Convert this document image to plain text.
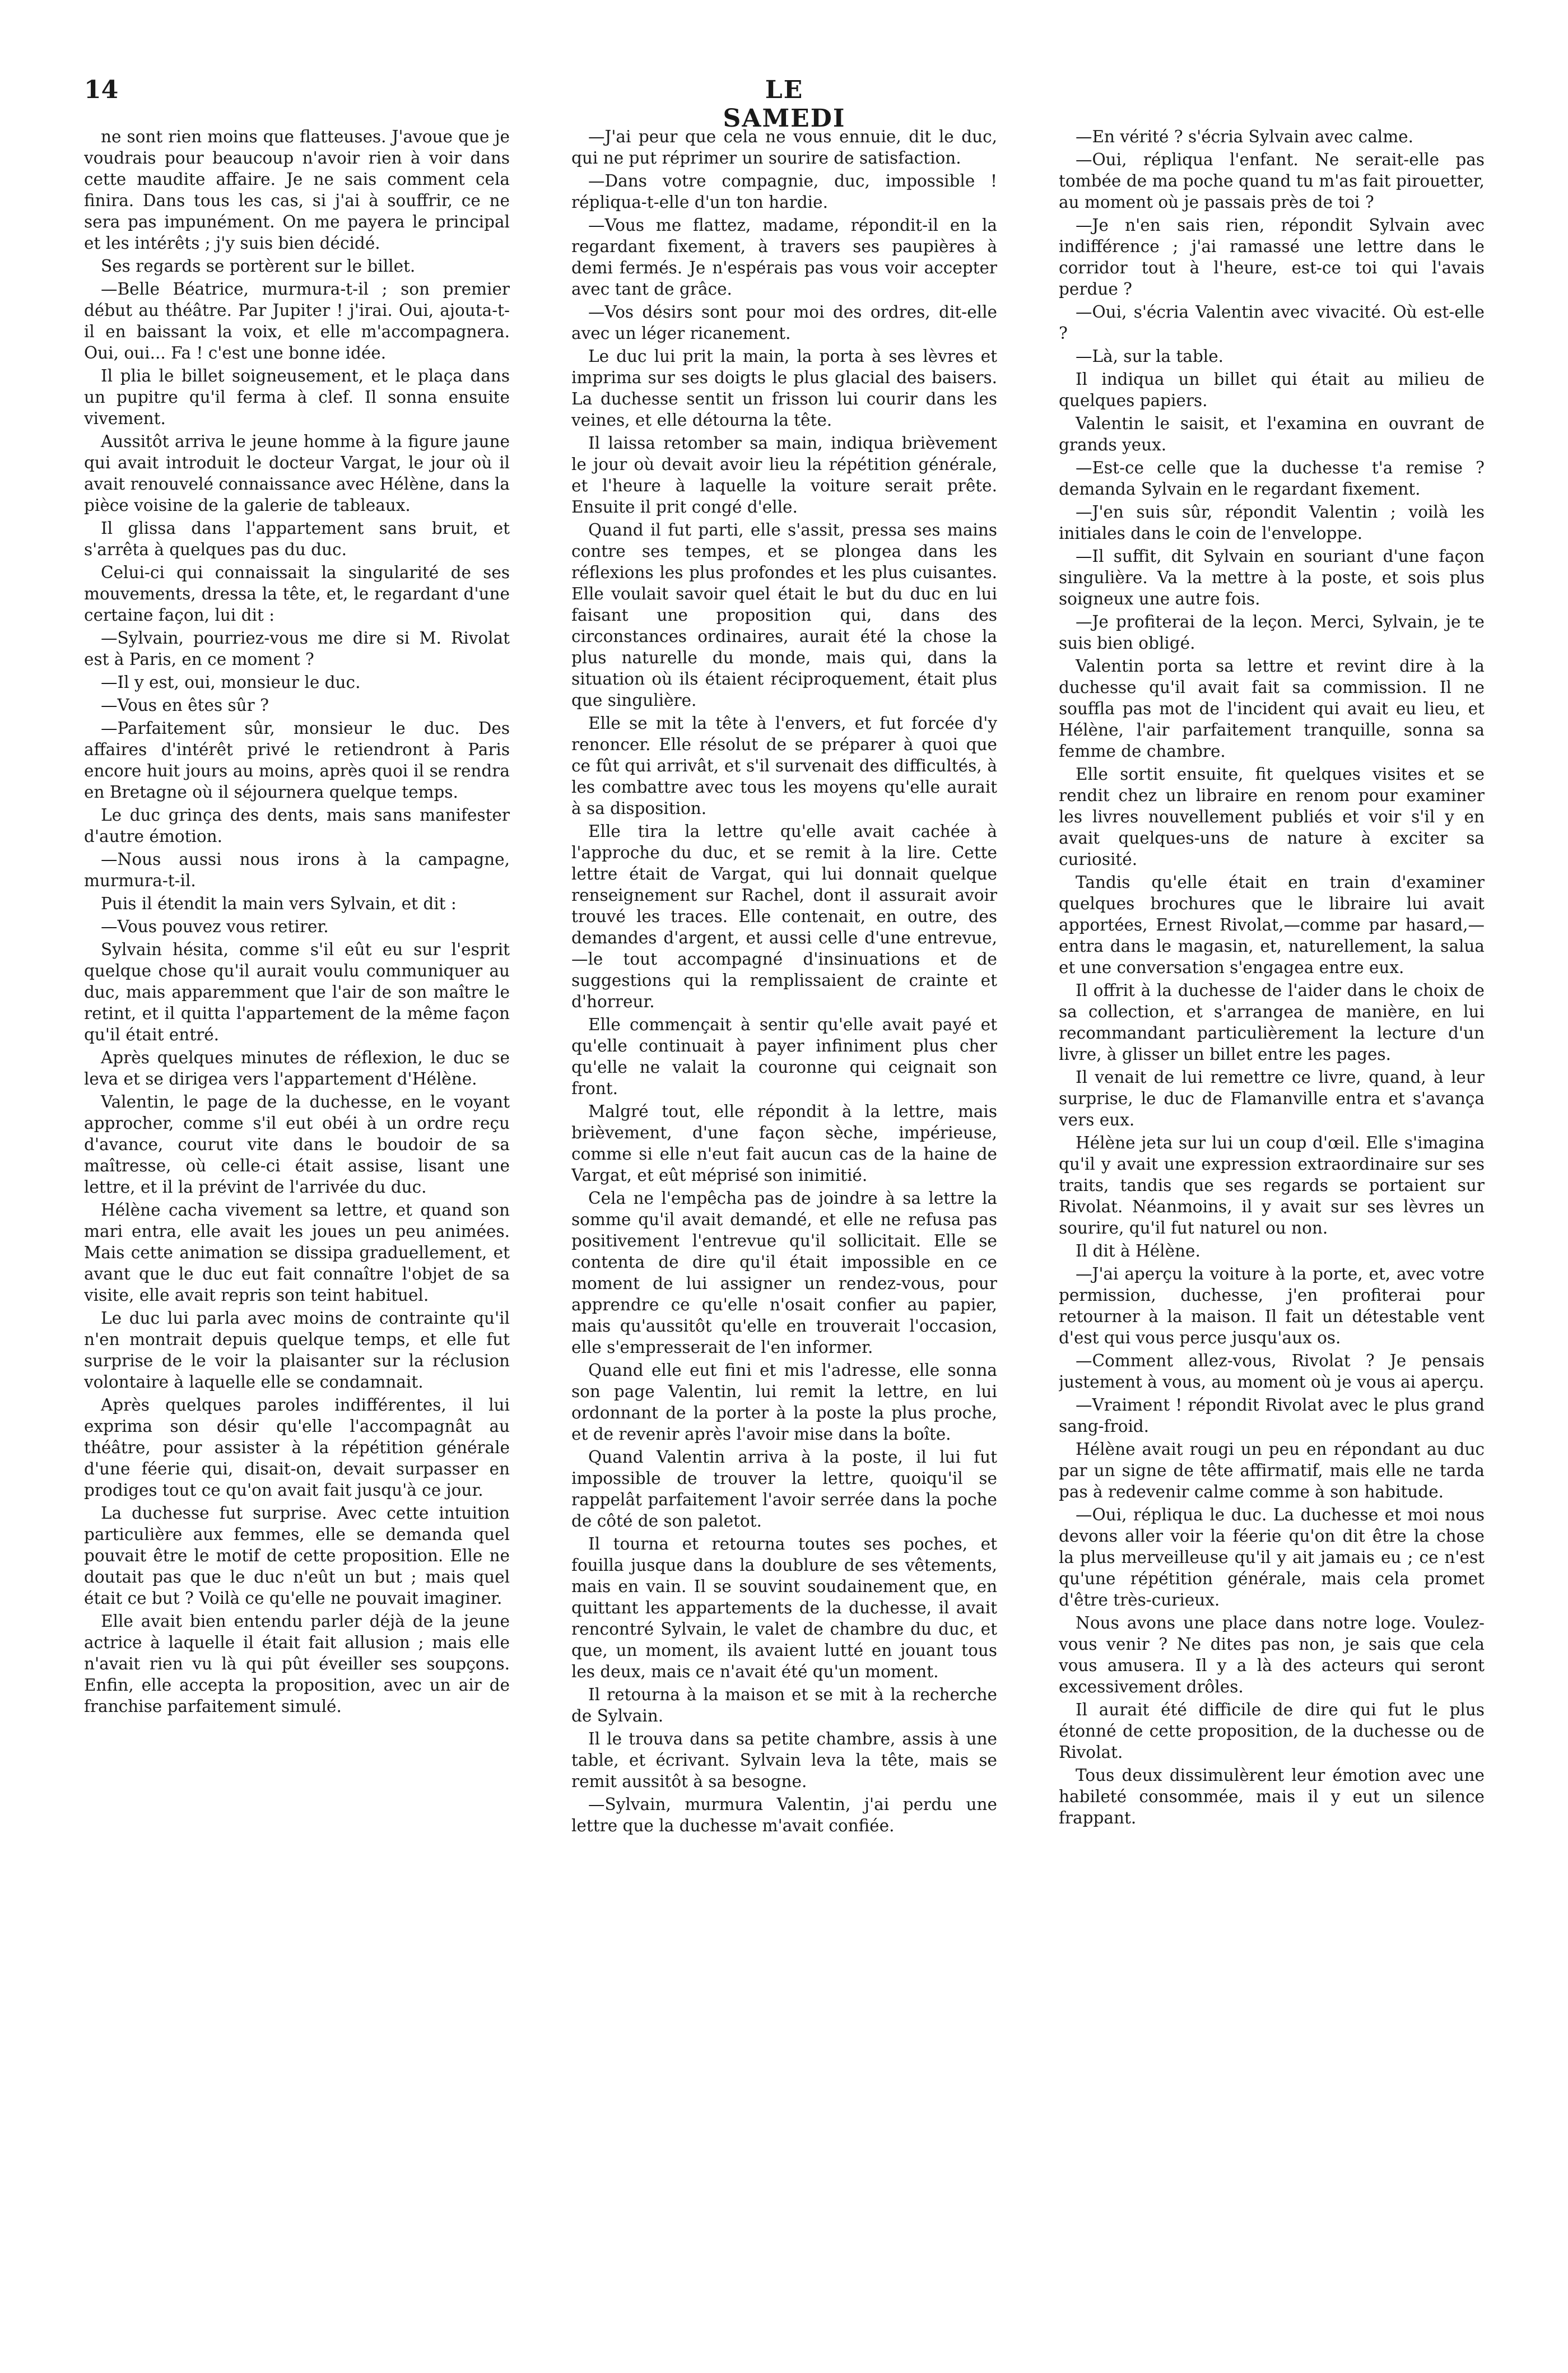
14	LE SAMEDI

ne sont rien moins que flatteuses. J'avoue que je voudrais pour beaucoup n'avoir rien à voir dans cette maudite affaire. Je ne sais comment cela finira. Dans tous les cas, si j'ai à souffrir, ce ne sera pas impunément. On me payera le principal et les intérêts ; j'y suis bien décidé.

Ses regards se portèrent sur le billet.

—Belle Béatrice, murmura-t-il ; son premier début au théâtre. Par Jupiter ! j'irai. Oui, ajouta-t-il en baissant la voix, et elle m'accompagnera. Oui, oui... Fa ! c'est une bonne idée.

Il plia le billet soigneusement, et le plaça dans un pupitre qu'il ferma à clef. Il sonna ensuite vivement.

Aussitôt arriva le jeune homme à la figure jaune qui avait introduit le docteur Vargat, le jour où il avait renouvelé connaissance avec Hélène, dans la pièce voisine de la galerie de tableaux.

Il glissa dans l'appartement sans bruit, et s'arrêta à quelques pas du duc.

Celui-ci qui connaissait la singularité de ses mouvements, dressa la tête, et, le regardant d'une certaine façon, lui dit :

—Sylvain, pourriez-vous me dire si M. Rivolat est à Paris, en ce moment ?

—Il y est, oui, monsieur le duc.

—Vous en êtes sûr ?

—Parfaitement sûr, monsieur le duc. Des affaires d'intérêt privé le retiendront à Paris encore huit jours au moins, après quoi il se rendra en Bretagne où il séjournera quelque temps.

Le duc grinça des dents, mais sans manifester d'autre émotion.

—Nous aussi nous irons à la campagne, murmura-t-il.

Puis il étendit la main vers Sylvain, et dit :

—Vous pouvez vous retirer.

Sylvain hésita, comme s'il eût eu sur l'esprit quelque chose qu'il aurait voulu communiquer au duc, mais apparemment que l'air de son maître le retint, et il quitta l'appartement de la même façon qu'il était entré.

Après quelques minutes de réflexion, le duc se leva et se dirigea vers l'appartement d'Hélène.

Valentin, le page de la duchesse, en le voyant approcher, comme s'il eut obéi à un ordre reçu d'avance, courut vite dans le boudoir de sa maîtresse, où celle-ci était assise, lisant une lettre, et il la prévint de l'arrivée du duc.

Hélène cacha vivement sa lettre, et quand son mari entra, elle avait les joues un peu animées. Mais cette animation se dissipa graduellement, et avant que le duc eut fait connaître l'objet de sa visite, elle avait repris son teint habituel.

Le duc lui parla avec moins de contrainte qu'il n'en montrait depuis quelque temps, et elle fut surprise de le voir la plaisanter sur la réclusion volontaire à laquelle elle se condamnait.

Après quelques paroles indifférentes, il lui exprima son désir qu'elle l'accompagnât au théâtre, pour assister à la répétition générale d'une féerie qui, disait-on, devait surpasser en prodiges tout ce qu'on avait fait jusqu'à ce jour.

La duchesse fut surprise. Avec cette intuition particulière aux femmes, elle se demanda quel pouvait être le motif de cette proposition. Elle ne doutait pas que le duc n'eût un but ; mais quel était ce but ? Voilà ce qu'elle ne pouvait imaginer.

Elle avait bien entendu parler déjà de la jeune actrice à laquelle il était fait allusion ; mais elle n'avait rien vu là qui pût éveiller ses soupçons. Enfin, elle accepta la proposition, avec un air de franchise parfaitement simulé.

—J'ai peur que cela ne vous ennuie, dit le duc, qui ne put réprimer un sourire de satisfaction.

—Dans votre compagnie, duc, impossible ! répliqua-t-elle d'un ton hardie.

—Vous me flattez, madame, répondit-il en la regardant fixement, à travers ses paupières à demi fermés. Je n'espérais pas vous voir accepter avec tant de grâce.

—Vos désirs sont pour moi des ordres, dit-elle avec un léger ricanement.

Le duc lui prit la main, la porta à ses lèvres et imprima sur ses doigts le plus glacial des baisers. La duchesse sentit un frisson lui courir dans les veines, et elle détourna la tête.

Il laissa retomber sa main, indiqua brièvement le jour où devait avoir lieu la répétition générale, et l'heure à laquelle la voiture serait prête. Ensuite il prit congé d'elle.

Quand il fut parti, elle s'assit, pressa ses mains contre ses tempes, et se plongea dans les réflexions les plus profondes et les plus cuisantes. Elle voulait savoir quel était le but du duc en lui faisant une proposition qui, dans des circonstances ordinaires, aurait été la chose la plus naturelle du monde, mais qui, dans la situation où ils étaient réciproquement, était plus que singulière.

Elle se mit la tête à l'envers, et fut forcée d'y renoncer. Elle résolut de se préparer à quoi que ce fût qui arrivât, et s'il survenait des difficultés, à les combattre avec tous les moyens qu'elle aurait à sa disposition.

Elle tira la lettre qu'elle avait cachée à l'approche du duc, et se remit à la lire. Cette lettre était de Vargat, qui lui donnait quelque renseignement sur Rachel, dont il assurait avoir trouvé les traces. Elle contenait, en outre, des demandes d'argent, et aussi celle d'une entrevue,—le tout accompagné d'insinuations et de suggestions qui la remplissaient de crainte et d'horreur.

Elle commençait à sentir qu'elle avait payé et qu'elle continuait à payer infiniment plus cher qu'elle ne valait la couronne qui ceignait son front.

Malgré tout, elle répondit à la lettre, mais brièvement, d'une façon sèche, impérieuse, comme si elle n'eut fait aucun cas de la haine de Vargat, et eût méprisé son inimitié.

Cela ne l'empêcha pas de joindre à sa lettre la somme qu'il avait demandé, et elle ne refusa pas positivement l'entrevue qu'il sollicitait. Elle se contenta de dire qu'il était impossible en ce moment de lui assigner un rendez-vous, pour apprendre ce qu'elle n'osait confier au papier, mais qu'aussitôt qu'elle en trouverait l'occasion, elle s'empresserait de l'en informer.

Quand elle eut fini et mis l'adresse, elle sonna son page Valentin, lui remit la lettre, en lui ordonnant de la porter à la poste la plus proche, et de revenir après l'avoir mise dans la boîte.

Quand Valentin arriva à la poste, il lui fut impossible de trouver la lettre, quoiqu'il se rappelât parfaitement l'avoir serrée dans la poche de côté de son paletot.

Il tourna et retourna toutes ses poches, et fouilla jusque dans la doublure de ses vêtements, mais en vain. Il se souvint soudainement que, en quittant les appartements de la duchesse, il avait rencontré Sylvain, le valet de chambre du duc, et que, un moment, ils avaient lutté en jouant tous les deux, mais ce n'avait été qu'un moment.

Il retourna à la maison et se mit à la recherche de Sylvain.

Il le trouva dans sa petite chambre, assis à une table, et écrivant. Sylvain leva la tête, mais se remit aussitôt à sa besogne.

—Sylvain, murmura Valentin, j'ai perdu une lettre que la duchesse m'avait confiée.

—En vérité ? s'écria Sylvain avec calme.

—Oui, répliqua l'enfant. Ne serait-elle pas tombée de ma poche quand tu m'as fait pirouetter, au moment où je passais près de toi ?

—Je n'en sais rien, répondit Sylvain avec indifférence ; j'ai ramassé une lettre dans le corridor tout à l'heure, est-ce toi qui l'avais perdue ?

—Oui, s'écria Valentin avec vivacité. Où est-elle ?

—Là, sur la table.

Il indiqua un billet qui était au milieu de quelques papiers.

Valentin le saisit, et l'examina en ouvrant de grands yeux.

—Est-ce celle que la duchesse t'a remise ? demanda Sylvain en le regardant fixement.

—J'en suis sûr, répondit Valentin ; voilà les initiales dans le coin de l'enveloppe.

—Il suffit, dit Sylvain en souriant d'une façon singulière. Va la mettre à la poste, et sois plus soigneux une autre fois.

—Je profiterai de la leçon. Merci, Sylvain, je te suis bien obligé.

Valentin porta sa lettre et revint dire à la duchesse qu'il avait fait sa commission. Il ne souffla pas mot de l'incident qui avait eu lieu, et Hélène, l'air parfaitement tranquille, sonna sa femme de chambre.

Elle sortit ensuite, fit quelques visites et se rendit chez un libraire en renom pour examiner les livres nouvellement publiés et voir s'il y en avait quelques-uns de nature à exciter sa curiosité.

Tandis qu'elle était en train d'examiner quelques brochures que le libraire lui avait apportées, Ernest Rivolat,—comme par hasard,—entra dans le magasin, et, naturellement, la salua et une conversation s'engagea entre eux.

Il offrit à la duchesse de l'aider dans le choix de sa collection, et s'arrangea de manière, en lui recommandant particulièrement la lecture d'un livre, à glisser un billet entre les pages.

Il venait de lui remettre ce livre, quand, à leur surprise, le duc de Flamanville entra et s'avança vers eux.

Hélène jeta sur lui un coup d'œil. Elle s'imagina qu'il y avait une expression extraordinaire sur ses traits, tandis que ses regards se portaient sur Rivolat. Néanmoins, il y avait sur ses lèvres un sourire, qu'il fut naturel ou non.

Il dit à Hélène.

—J'ai aperçu la voiture à la porte, et, avec votre permission, duchesse, j'en profiterai pour retourner à la maison. Il fait un détestable vent d'est qui vous perce jusqu'aux os.

—Comment allez-vous, Rivolat ? Je pensais justement à vous, au moment où je vous ai aperçu.

—Vraiment ! répondit Rivolat avec le plus grand sang-froid.

Hélène avait rougi un peu en répondant au duc par un signe de tête affirmatif, mais elle ne tarda pas à redevenir calme comme à son habitude.

—Oui, répliqua le duc. La duchesse et moi nous devons aller voir la féerie qu'on dit être la chose la plus merveilleuse qu'il y ait jamais eu ; ce n'est qu'une répétition générale, mais cela promet d'être très-curieux.

Nous avons une place dans notre loge. Voulez-vous venir ? Ne dites pas non, je sais que cela vous amusera. Il y a là des acteurs qui seront excessivement drôles.

Il aurait été difficile de dire qui fut le plus étonné de cette proposition, de la duchesse ou de Rivolat.

Tous deux dissimulèrent leur émotion avec une habileté consommée, mais il y eut un silence frappant.
